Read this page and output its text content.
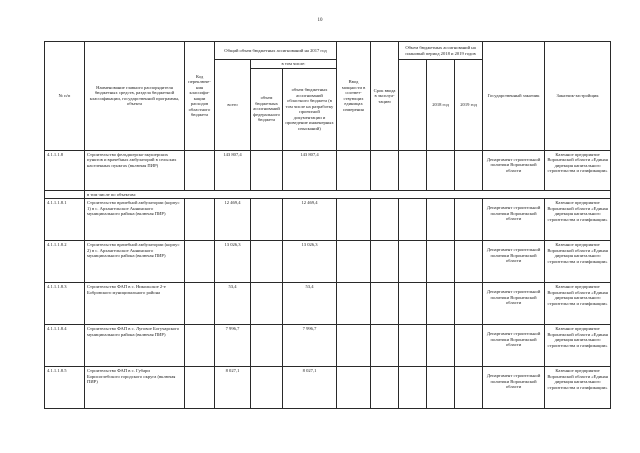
10
№ п/п	Наименование главного распорядителя бюджетных средств, раздела бюджетной классификации, государственной программы, объекта	Код переключе-ния классифи-кации расходов областного бюджета	Общий объем бюджетных ассигнований на 2017 год			Ввод мощности в соответ-ствующих единицах измерения	Срок ввода в эксплуа-тацию	Объем бюджетных ассигнований на плановый период 2018 и 2019 годов			Государственный заказчик	Заказчик-застройщик
			всего	в том числе:					2018 год	2019 год		
				объем бюджетных ассигнований федерального бюджета	объем бюджетных ассигнований областного бюджета (в том числе на разработку проектной документации и проведение инженерных изысканий)							
4.1.1.1.8	Строительство фельдшерско-акушерских пунктов и врачебных амбулаторий в сельских населенных пунктах (включая ПИР)		143 807,4		143 807,4						Департамент строительной политики Воронежской области	Казенное предприятие Воронежской области «Единая дирекция капитального строительства и газификации»
	в том числе по объектам:											
4.1.1.1.8.1	Строительство врачебной амбулатории (корпус 1) в с. Архангельское Аннинского муниципального района (включая ПИР)		12 469,4		12 469,4						Департамент строительной политики Воронежской области	Казенное предприятие Воронежской области «Единая дирекция капитального строительства и газификации»
4.1.1.1.8.2	Строительство врачебной амбулатории (корпус 2) в с. Архангельское Аннинского муниципального района (включая ПИР)		13 026,3		13 026,3						Департамент строительной политики Воронежской области	Казенное предприятие Воронежской области «Единая дирекция капитального строительства и газификации»
4.1.1.1.8.3	Строительство ФАП в с. Никольское 2-е Бобровского муниципального района		53,4		53,4						Департамент строительной политики Воронежской области	Казенное предприятие Воронежской области «Единая дирекция капитального строительства и газификации»
4.1.1.1.8.4	Строительство ФАП в с. Луговое Богучарского муниципального района (включая ПИР)		7 996,7		7 996,7						Департамент строительной политики Воронежской области	Казенное предприятие Воронежской области «Единая дирекция капитального строительства и газификации»
4.1.1.1.8.5	Строительство ФАП в с. Губари Борисоглебского городского округа (включая ПИР)		8 027,1		8 027,1						Департамент строительной политики Воронежской области	Казенное предприятие Воронежской области «Единая дирекция капитального строительства и газификации»
